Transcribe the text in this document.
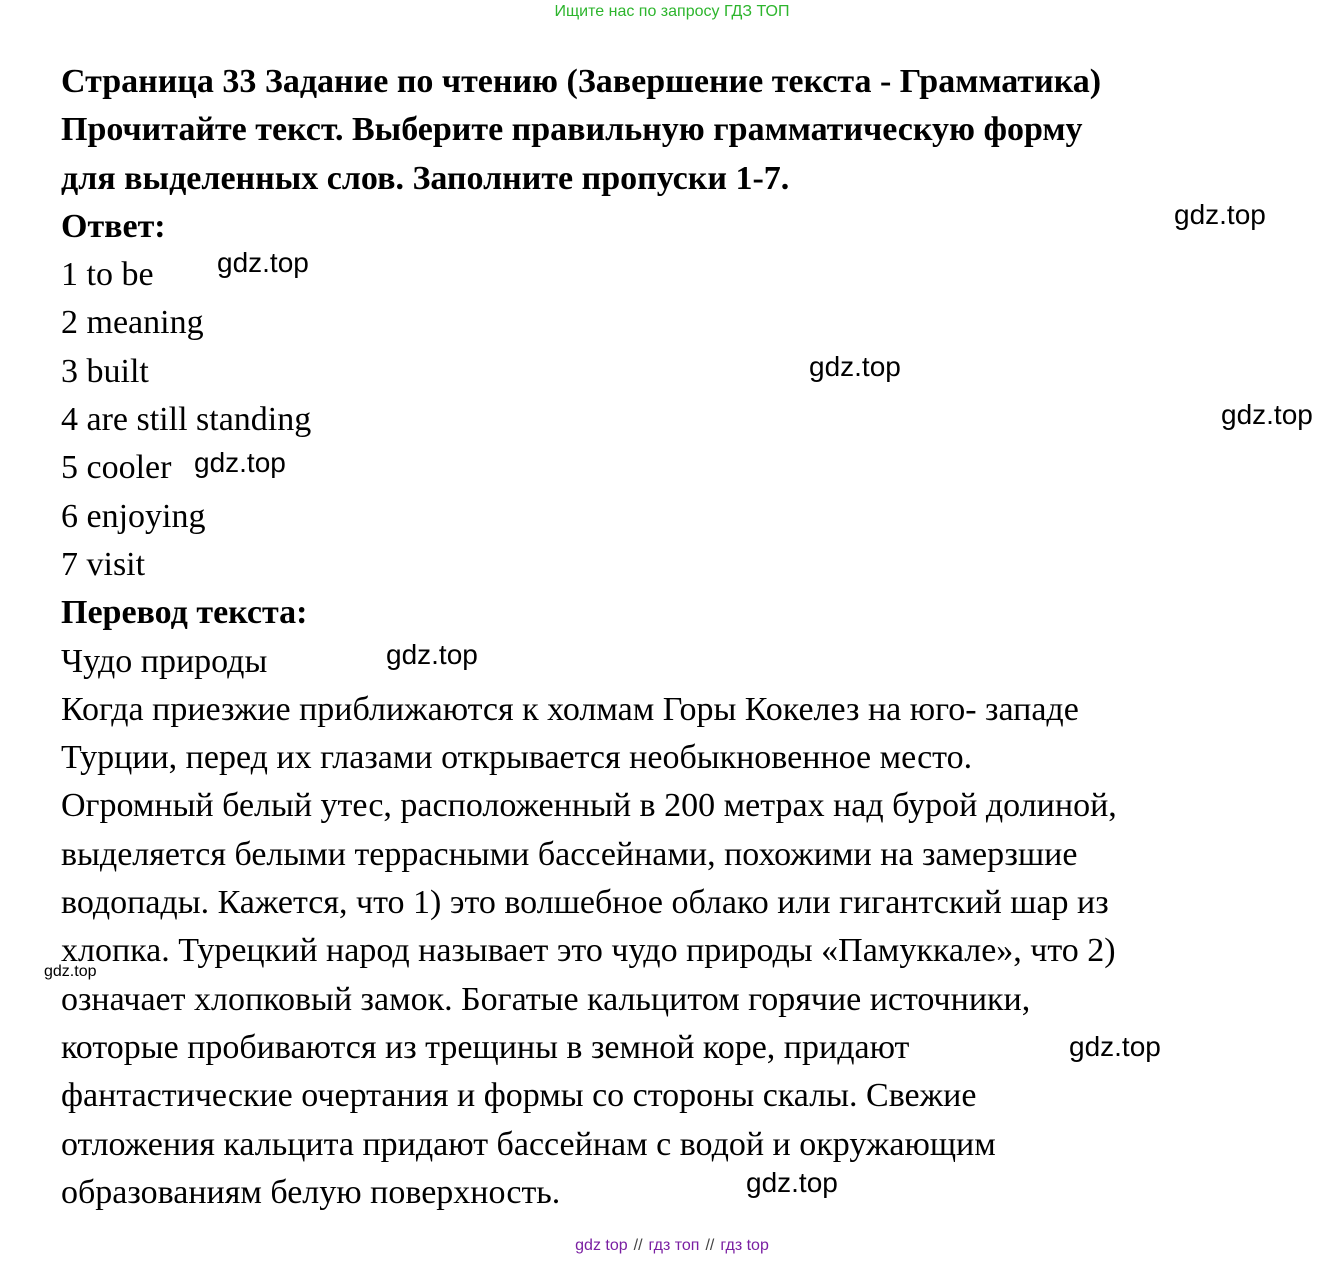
Ищите нас по запросу ГДЗ ТОП

Страница 33 Задание по чтению (Завершение текста - Грамматика)

Прочитайте текст. Выберите правильную грамматическую форму

для выделенных слов. Заполните пропуски 1-7.

Ответ:

1 to be

2 meaning

3 built

4 are still standing

5 cooler

6 enjoying

7 visit

Перевод текста:

Чудо природы

Когда приезжие приближаются к холмам Горы Кокелез на юго- западе

Турции, перед их глазами открывается необыкновенное место.

Огромный белый утес, расположенный в 200 метрах над бурой долиной,

выделяется белыми террасными бассейнами, похожими на замерзшие

водопады. Кажется, что 1) это волшебное облако или гигантский шар из

хлопка. Турецкий народ называет это чудо природы «Памуккале», что 2)

означает хлопковый замок. Богатые кальцитом горячие источники,

которые пробиваются из трещины в земной коре, придают

фантастические очертания и формы со стороны скалы. Свежие

отложения кальцита придают бассейнам с водой и окружающим

образованиям белую поверхность.

gdz.top
gdz.top
gdz.top
gdz.top
gdz.top
gdz.top
gdz.top
gdz.top
gdz.top
gdz top // гдз топ // гдз top
